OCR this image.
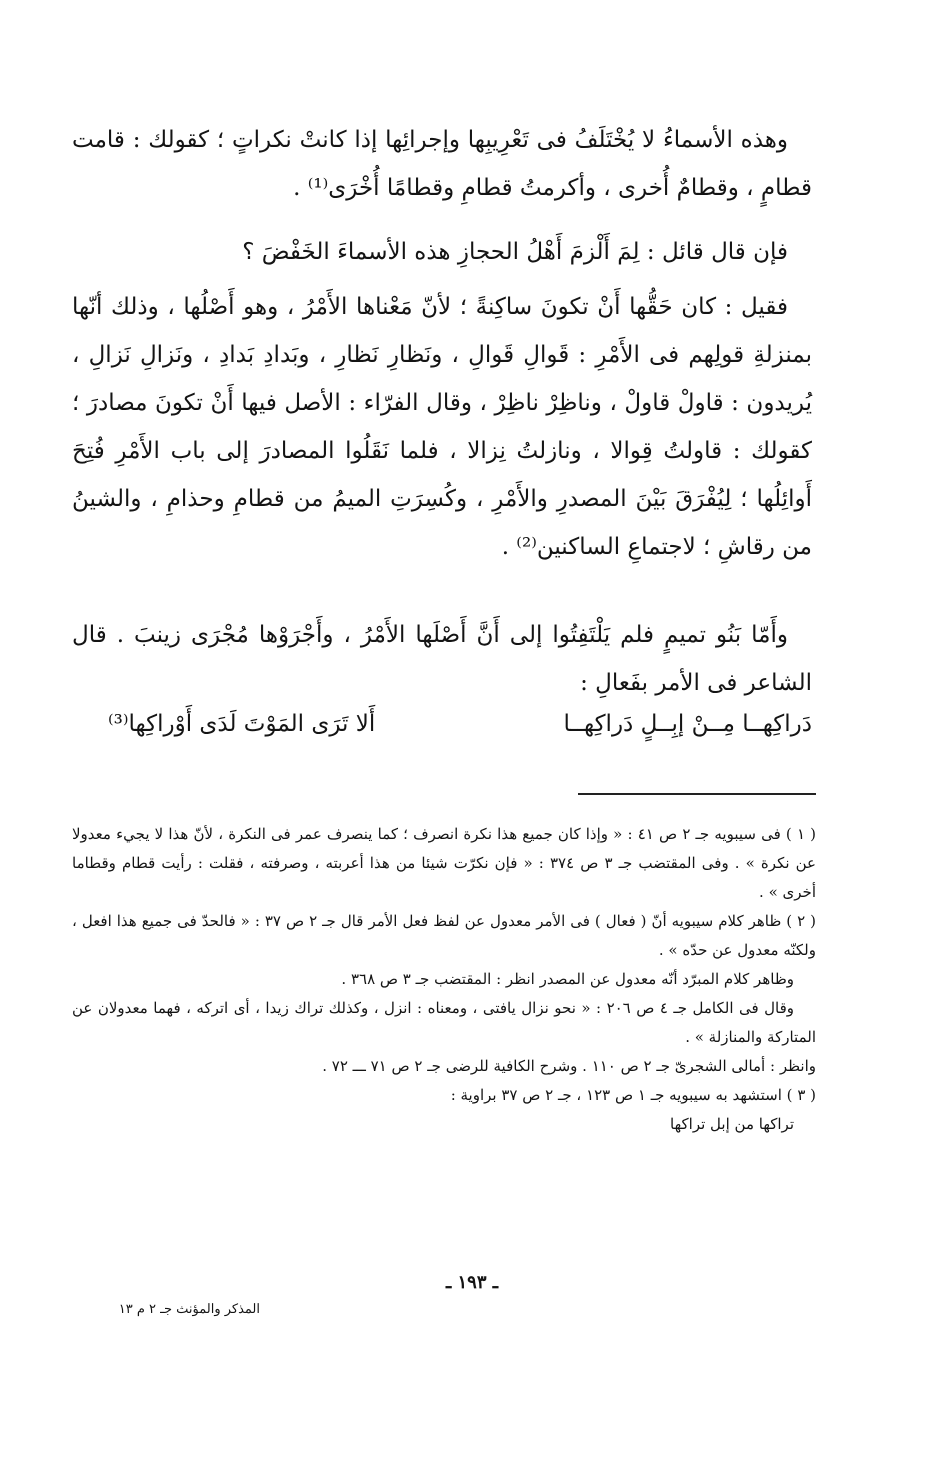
وهذه الأسماءُ لا يُخْتَلَفُ فى تَعْرِيبِها وإجرائِها إذا كانتْ نكراتٍ ؛ كقولك : قامت قطامٍ ، وقطامٌ أُخرى ، وأكرمتُ قطامِ وقطامًا أُخْرَى⁽¹⁾ .

فإن قال قائل : لِمَ أَلْزمَ أَهْلُ الحجازِ هذه الأسماءَ الخَفْضَ ؟

فقيل : كان حَقُّها أَنْ تكونَ ساكِنةً ؛ لأنّ مَعْناها الأَمْرُ ، وهو أَصْلُها ، وذلك أنّها بمنزلةِ قولِهم فى الأَمْرِ : قَوالِ قَوالِ ، ونَظارِ نَظارِ ، وبَدادِ بَدادِ ، ونَزالِ نَزالِ ، يُريدون : قاولْ قاولْ ، وناظِرْ ناظِرْ ، وقال الفرّاء : الأصل فيها أَنْ تكونَ مصادرَ ؛ كقولك : قاولتُ قِوالا ، ونازلتُ نِزالا ، فلما نَقَلُوا المصادرَ إلى باب الأَمْرِ فُتِحَ أَوائِلُها ؛ لِيُفْرَقَ بَيْنَ المصدرِ والأَمْرِ ، وكُسِرَتِ الميمُ من قطامِ وحذامِ ، والشينُ من رقاشِ ؛ لاجتماعِ الساكنين⁽²⁾ .

وأَمّا بَنُو تميمٍ فلم يَلْتَفِتُوا إلى أَنَّ أَصْلَها الأَمْرُ ، وأَجْرَوْها مُجْرَى زينبَ . قال الشاعر فى الأمر بفَعالِ :

دَراكِهــا مِــنْ إبِــلٍ دَراكِهــا
أَلا تَرَى المَوْتَ لَدَى أَوْراكِها⁽³⁾

( ١ ) فى سيبويه جـ ٢ ص ٤١ : « وإذا كان جميع هذا نكرة انصرف ؛ كما ينصرف عمر فى النكرة ، لأنّ هذا لا يجيء معدولا عن نكرة » . وفى المقتضب جـ ٣ ص ٣٧٤ : « فإن نكرّت شيئا من هذا أعربته ، وصرفته ، فقلت : رأيت قطام وقطاما أخرى » .

( ٢ ) ظاهر كلام سيبويه أنّ ( فعال ) فى الأمر معدول عن لفظ فعل الأمر قال جـ ٢ ص ٣٧ : « فالحدّ فى جميع هذا افعل ، ولكنّه معدول عن حدّه » .

وظاهر كلام المبرّد أنّه معدول عن المصدر انظر : المقتضب جـ ٣ ص ٣٦٨ .

وقال فى الكامل جـ ٤ ص ٢٠٦ : « نحو نزال يافتى ، ومعناه : انزل ، وكذلك تراك زيدا ، أى اتركه ، فهما معدولان عن المتاركة والمنازلة » .

وانظر : أمالى الشجرىّ جـ ٢ ص ١١٠ . وشرح الكافية للرضى جـ ٢ ص ٧١ ـــ ٧٢ .

( ٣ ) استشهد به سيبويه جـ ١ ص ١٢٣ ، جـ ٢ ص ٣٧ براوية :

تراكها من إبل تراكها

ـ ١٩٣ ـ
المذكر والمؤنث جـ ٢ م ١٣
